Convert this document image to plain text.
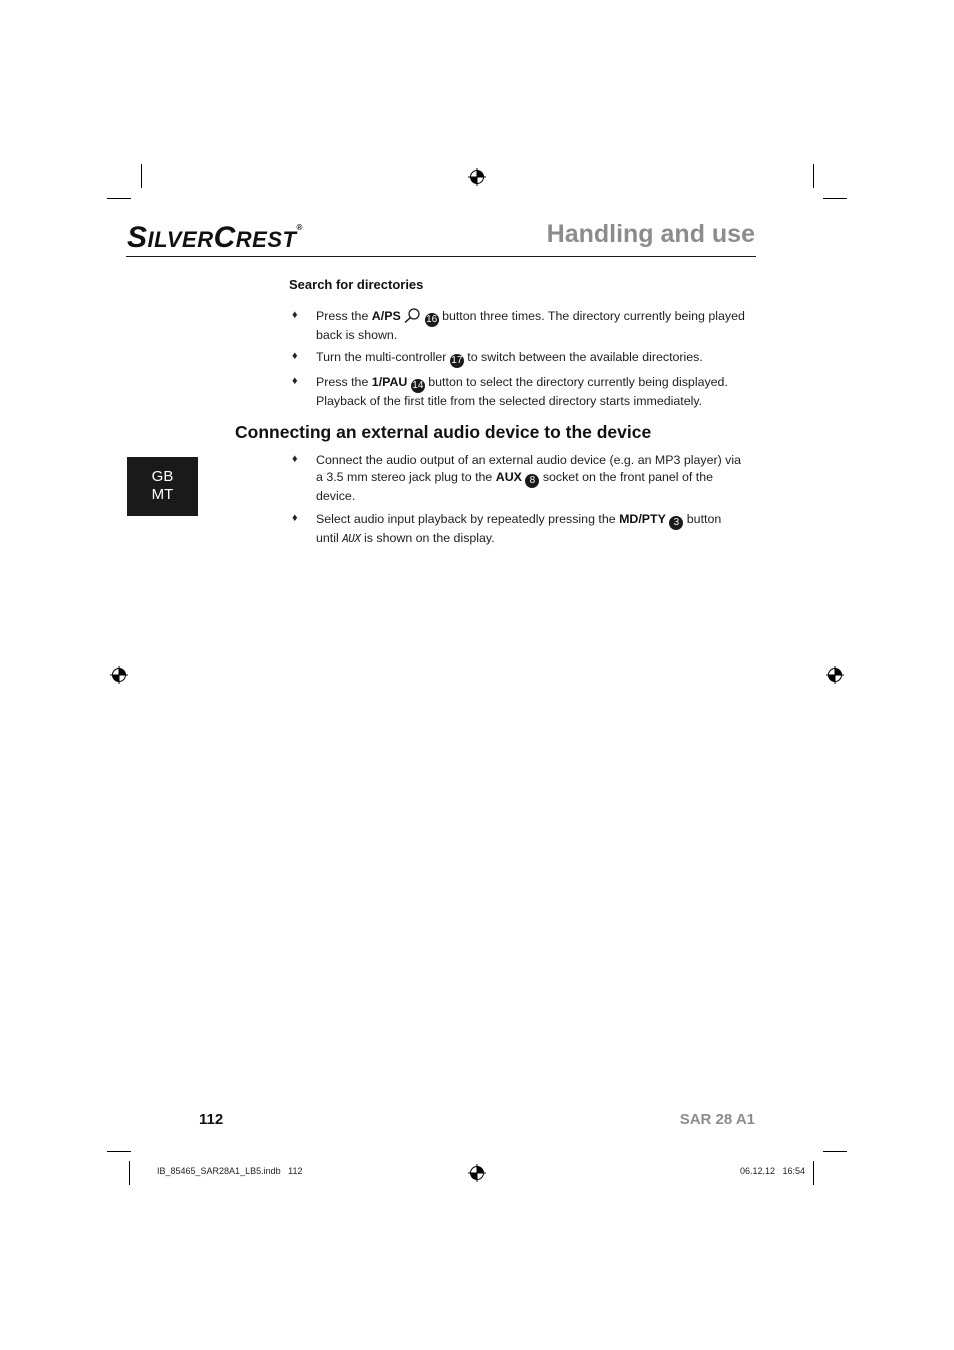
SILVERCREST®	Handling and use
Search for directories
♦ Press the A/PS	16 button three times. The directory currently being played back is shown.
♦ Turn the multi-controller 17 to switch between the available directories.
♦ Press the 1/PAU 14 button to select the directory currently being displayed. Playback of the first title from the selected directory starts immediately.
Connecting an external audio device to the device
GB
MT
♦ Connect the audio output of an external audio device (e.g. an MP3 player) via a 3.5 mm stereo jack plug to the AUX 8 socket on the front panel of the device.
♦ Select audio input playback by repeatedly pressing the MD/PTY 3 button until AUX is shown on the display.
112	SAR 28 A1
IB_85465_SAR28A1_LB5.indb   112	06.12.12   16:54
